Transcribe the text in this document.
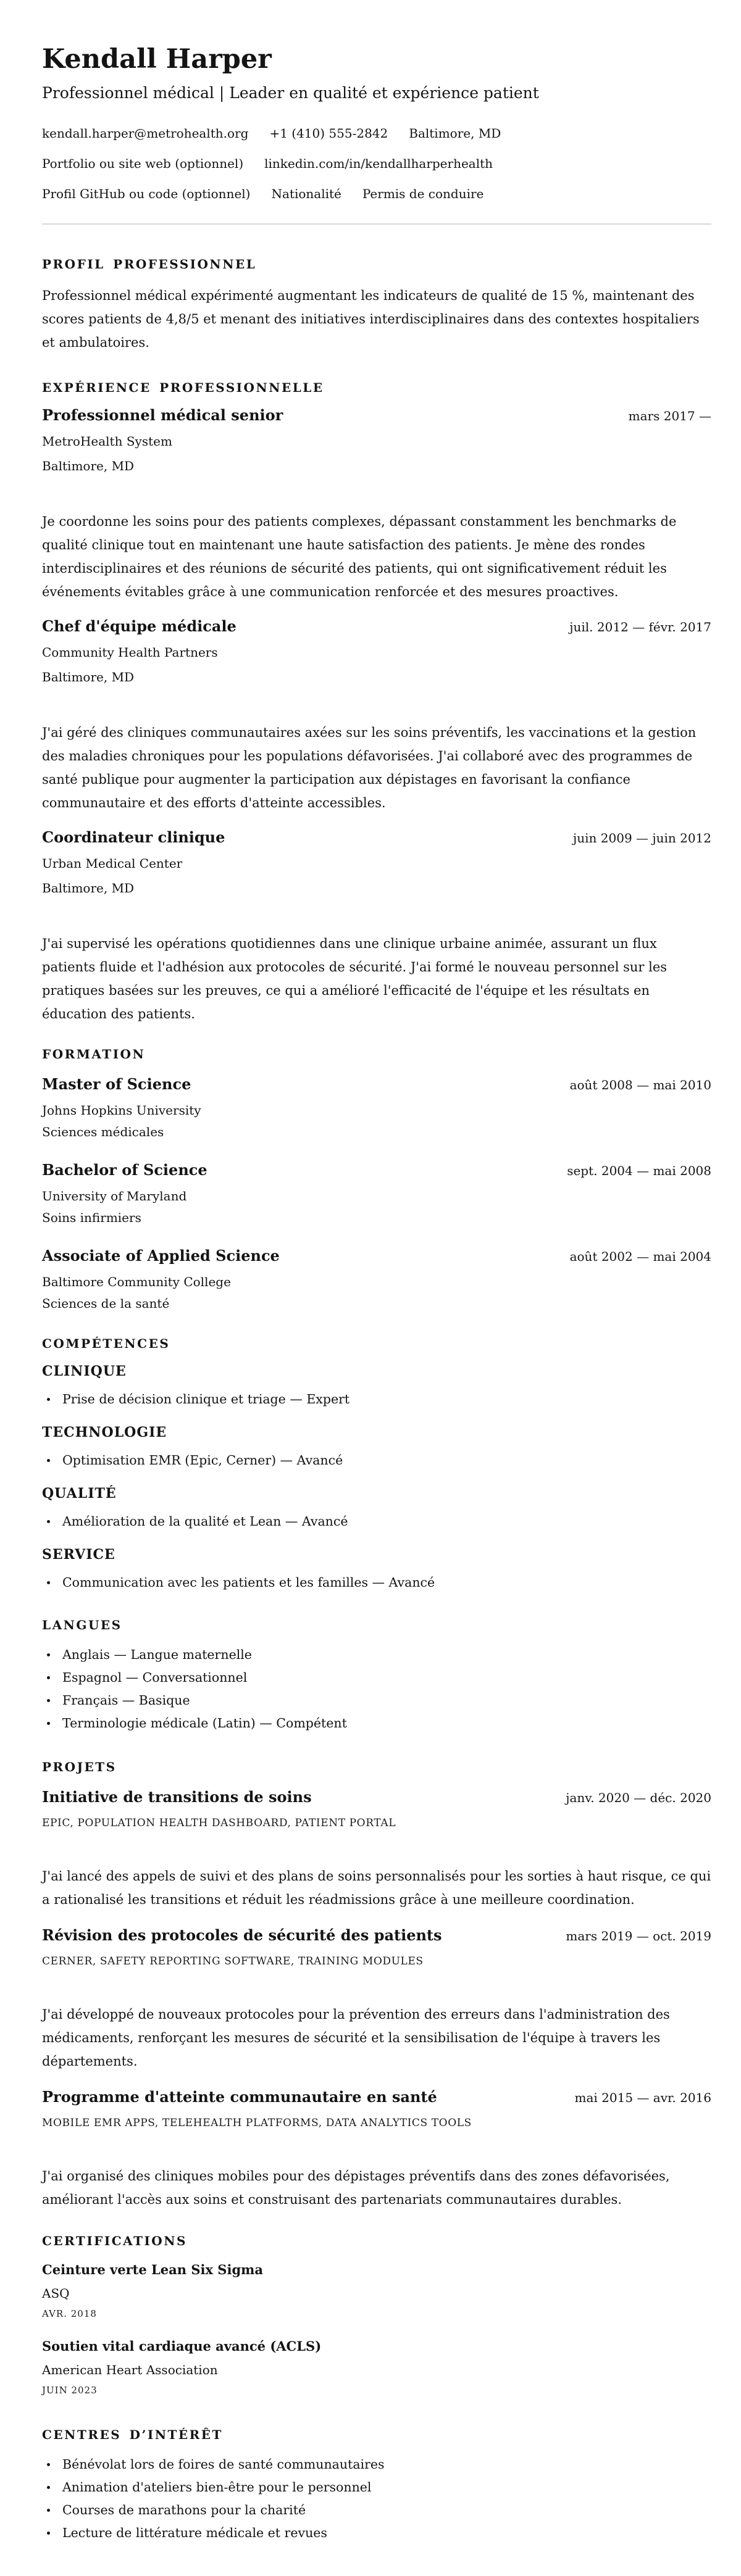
Kendall Harper
Professionnel médical | Leader en qualité et expérience patient
kendall.harper@metrohealth.org +1 (410) 555-2842 Baltimore, MD
Portfolio ou site web (optionnel) linkedin.com/in/kendallharperhealth
Profil GitHub ou code (optionnel) Nationalité Permis de conduire
PROFIL PROFESSIONNEL

Professionnel médical expérimenté augmentant les indicateurs de qualité de 15 %, maintenant des scores patients de 4,8/5 et menant des initiatives interdisciplinaires dans des contextes hospitaliers et ambulatoires.

EXPÉRIENCE PROFESSIONNELLE
Professionnel médical senior	mars 2017 —
MetroHealth System
Baltimore, MD

Je coordonne les soins pour des patients complexes, dépassant constamment les benchmarks de qualité clinique tout en maintenant une haute satisfaction des patients. Je mène des rondes interdisciplinaires et des réunions de sécurité des patients, qui ont significativement réduit les événements évitables grâce à une communication renforcée et des mesures proactives.

Chef d'équipe médicale	juil. 2012 — févr. 2017
Community Health Partners
Baltimore, MD

J'ai géré des cliniques communautaires axées sur les soins préventifs, les vaccinations et la gestion des maladies chroniques pour les populations défavorisées. J'ai collaboré avec des programmes de santé publique pour augmenter la participation aux dépistages en favorisant la confiance communautaire et des efforts d'atteinte accessibles.

Coordinateur clinique	juin 2009 — juin 2012
Urban Medical Center
Baltimore, MD

J'ai supervisé les opérations quotidiennes dans une clinique urbaine animée, assurant un flux patients fluide et l'adhésion aux protocoles de sécurité. J'ai formé le nouveau personnel sur les pratiques basées sur les preuves, ce qui a amélioré l'efficacité de l'équipe et les résultats en éducation des patients.

FORMATION
Master of Science	août 2008 — mai 2010
Johns Hopkins University
Sciences médicales
Bachelor of Science	sept. 2004 — mai 2008
University of Maryland
Soins infirmiers
Associate of Applied Science	août 2002 — mai 2004
Baltimore Community College
Sciences de la santé
COMPÉTENCES
CLINIQUE
Prise de décision clinique et triage — Expert
TECHNOLOGIE
Optimisation EMR (Epic, Cerner) — Avancé
QUALITÉ
Amélioration de la qualité et Lean — Avancé
SERVICE
Communication avec les patients et les familles — Avancé
LANGUES
Anglais — Langue maternelle
Espagnol — Conversationnel
Français — Basique
Terminologie médicale (Latin) — Compétent
PROJETS
Initiative de transitions de soins	janv. 2020 — déc. 2020
EPIC, POPULATION HEALTH DASHBOARD, PATIENT PORTAL

J'ai lancé des appels de suivi et des plans de soins personnalisés pour les sorties à haut risque, ce qui a rationalisé les transitions et réduit les réadmissions grâce à une meilleure coordination.

Révision des protocoles de sécurité des patients	mars 2019 — oct. 2019
CERNER, SAFETY REPORTING SOFTWARE, TRAINING MODULES

J'ai développé de nouveaux protocoles pour la prévention des erreurs dans l'administration des médicaments, renforçant les mesures de sécurité et la sensibilisation de l'équipe à travers les départements.

Programme d'atteinte communautaire en santé	mai 2015 — avr. 2016
MOBILE EMR APPS, TELEHEALTH PLATFORMS, DATA ANALYTICS TOOLS

J'ai organisé des cliniques mobiles pour des dépistages préventifs dans des zones défavorisées, améliorant l'accès aux soins et construisant des partenariats communautaires durables.

CERTIFICATIONS
Ceinture verte Lean Six Sigma
ASQ
AVR. 2018
Soutien vital cardiaque avancé (ACLS)
American Heart Association
JUIN 2023
CENTRES D’INTÉRÊT
Bénévolat lors de foires de santé communautaires
Animation d'ateliers bien-être pour le personnel
Courses de marathons pour la charité
Lecture de littérature médicale et revues
